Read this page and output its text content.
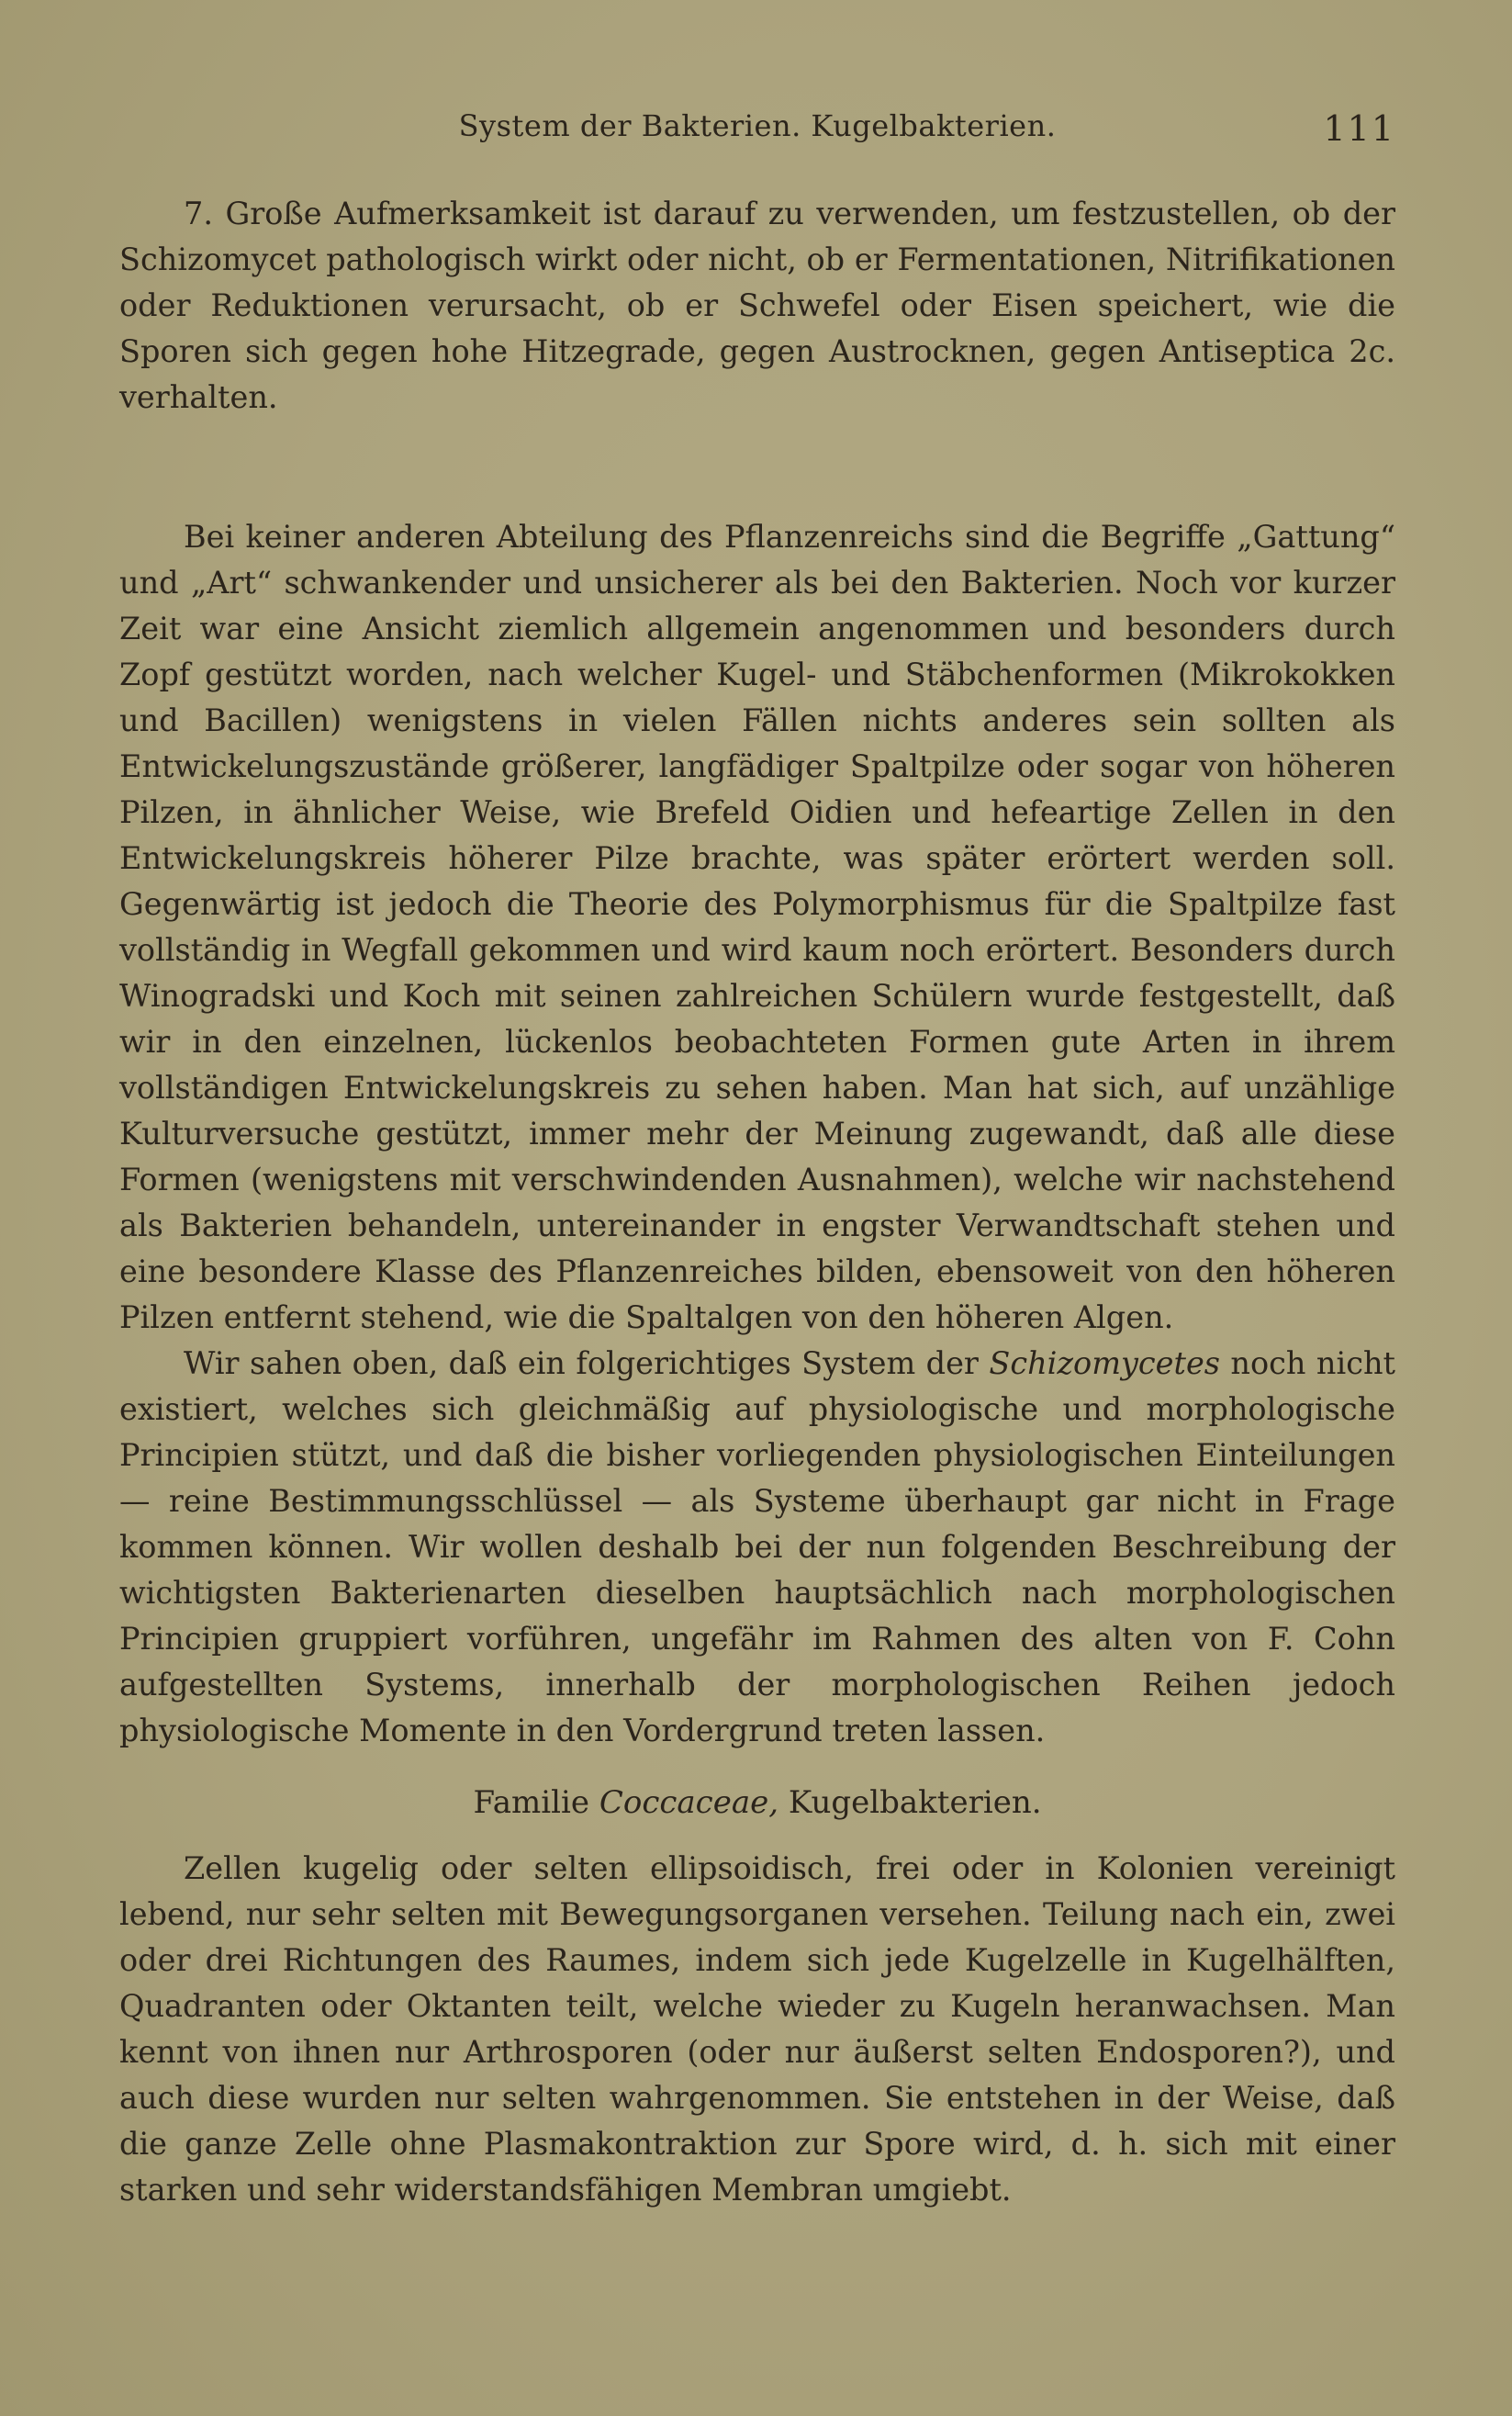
System der Bakterien. Kugelbakterien.	111

7. Große Aufmerksamkeit ist darauf zu verwenden, um festzustellen, ob der Schizomycet pathologisch wirkt oder nicht, ob er Fermentationen, Nitrifikationen oder Reduktionen verursacht, ob er Schwefel oder Eisen speichert, wie die Sporen sich gegen hohe Hitzegrade, gegen Austrocknen, gegen Antiseptica 2c. verhalten.

Bei keiner anderen Abteilung des Pflanzenreichs sind die Begriffe „Gattung“ und „Art“ schwankender und unsicherer als bei den Bakterien. Noch vor kurzer Zeit war eine Ansicht ziemlich allgemein angenommen und besonders durch Zopf gestützt worden, nach welcher Kugel- und Stäbchenformen (Mikrokokken und Bacillen) wenigstens in vielen Fällen nichts anderes sein sollten als Entwickelungszustände größerer, langfädiger Spaltpilze oder sogar von höheren Pilzen, in ähnlicher Weise, wie Brefeld Oidien und hefeartige Zellen in den Entwickelungskreis höherer Pilze brachte, was später erörtert werden soll. Gegenwärtig ist jedoch die Theorie des Polymorphismus für die Spaltpilze fast vollständig in Wegfall gekommen und wird kaum noch erörtert. Besonders durch Winogradski und Koch mit seinen zahlreichen Schülern wurde festgestellt, daß wir in den einzelnen, lückenlos beobachteten Formen gute Arten in ihrem vollständigen Entwickelungskreis zu sehen haben. Man hat sich, auf unzählige Kulturversuche gestützt, immer mehr der Meinung zugewandt, daß alle diese Formen (wenigstens mit verschwindenden Ausnahmen), welche wir nachstehend als Bakterien behandeln, untereinander in engster Verwandtschaft stehen und eine besondere Klasse des Pflanzenreiches bilden, ebensoweit von den höheren Pilzen entfernt stehend, wie die Spaltalgen von den höheren Algen.

Wir sahen oben, daß ein folgerichtiges System der Schizomycetes noch nicht existiert, welches sich gleichmäßig auf physiologische und morphologische Principien stützt, und daß die bisher vorliegenden physiologischen Einteilungen — reine Bestimmungsschlüssel — als Systeme überhaupt gar nicht in Frage kommen können. Wir wollen deshalb bei der nun folgenden Beschreibung der wichtigsten Bakterienarten dieselben hauptsächlich nach morphologischen Principien gruppiert vorführen, ungefähr im Rahmen des alten von F. Cohn aufgestellten Systems, innerhalb der morphologischen Reihen jedoch physiologische Momente in den Vordergrund treten lassen.

Familie Coccaceae, Kugelbakterien.

Zellen kugelig oder selten ellipsoidisch, frei oder in Kolonien vereinigt lebend, nur sehr selten mit Bewegungsorganen versehen. Teilung nach ein, zwei oder drei Richtungen des Raumes, indem sich jede Kugelzelle in Kugelhälften, Quadranten oder Oktanten teilt, welche wieder zu Kugeln heranwachsen. Man kennt von ihnen nur Arthrosporen (oder nur äußerst selten Endosporen?), und auch diese wurden nur selten wahrgenommen. Sie entstehen in der Weise, daß die ganze Zelle ohne Plasmakontraktion zur Spore wird, d. h. sich mit einer starken und sehr widerstandsfähigen Membran umgiebt.
